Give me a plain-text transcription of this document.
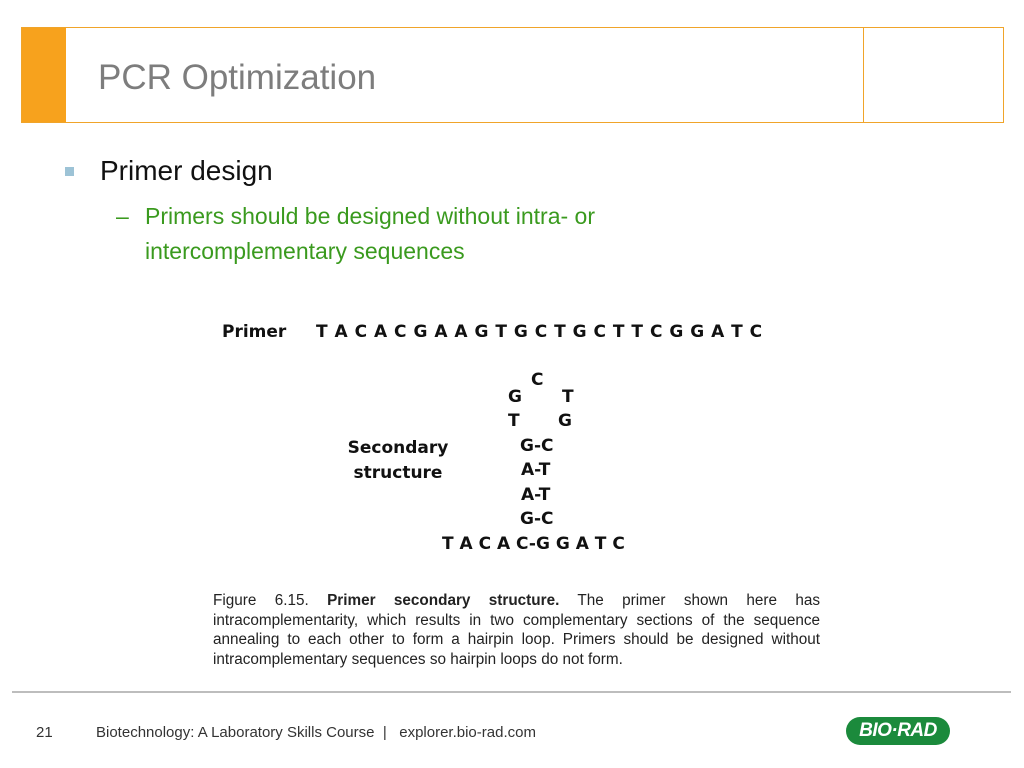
PCR Optimization
Primer design
– Primers should be designed without intra- or intercomplementary sequences
Primer T A C A C G A A G T G C T G C T T C G G A T C
C
G T
T G
G-C
A-T
A-T
G-C
T A C A C-G G A T C
Secondary
structure
Figure 6.15. Primer secondary structure. The primer shown here has intracomplementarity, which results in two complementary sections of the sequence annealing to each other to form a hairpin loop. Primers should be designed without intracomplementary sequences so hairpin loops do not form.
21	Biotechnology: A Laboratory Skills Course  |   explorer.bio-rad.com	BIO·RAD
